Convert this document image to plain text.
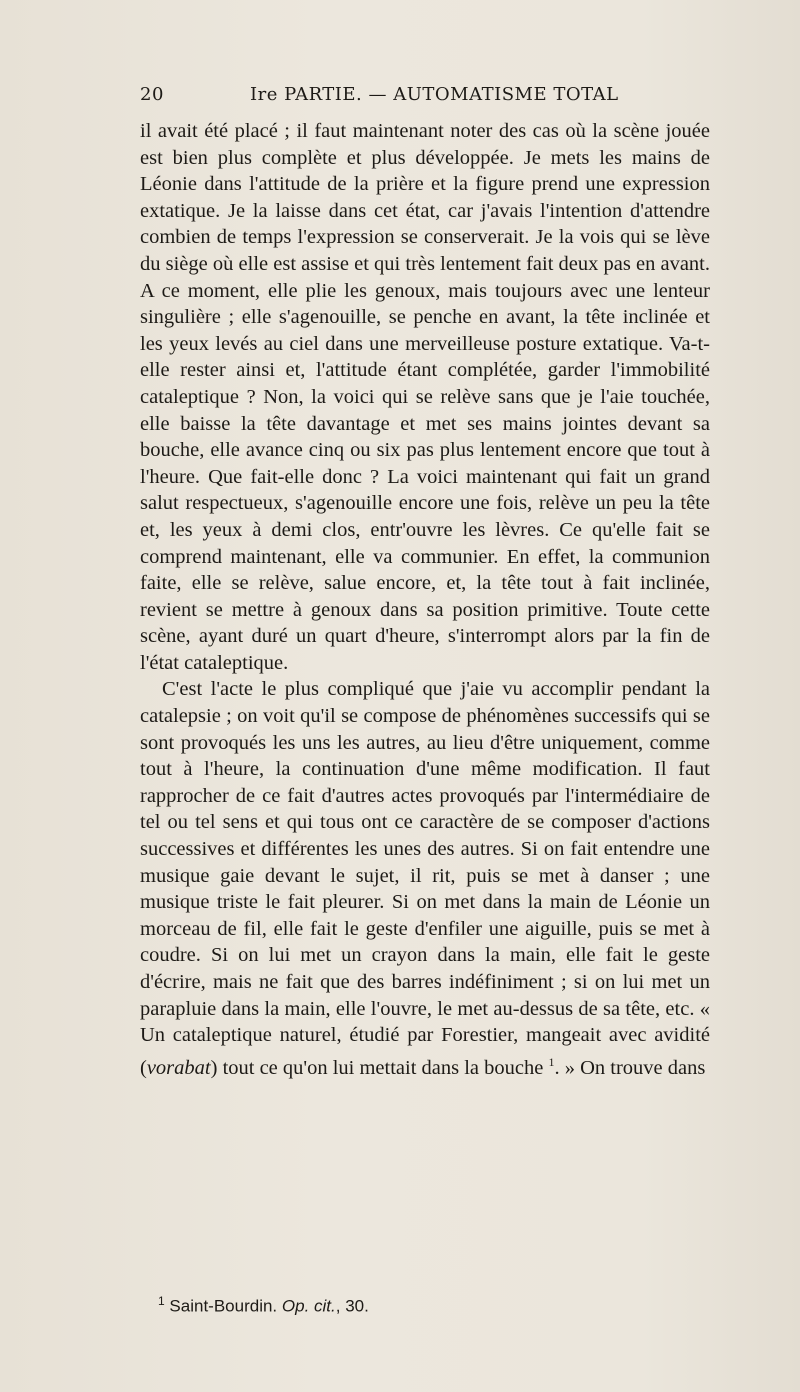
20	Ire PARTIE. — AUTOMATISME TOTAL

il avait été placé ; il faut maintenant noter des cas où la scène jouée est bien plus complète et plus développée. Je mets les mains de Léonie dans l'attitude de la prière et la figure prend une expression extatique. Je la laisse dans cet état, car j'avais l'intention d'attendre combien de temps l'expression se conserverait. Je la vois qui se lève du siège où elle est assise et qui très lentement fait deux pas en avant. A ce moment, elle plie les genoux, mais toujours avec une lenteur singulière ; elle s'agenouille, se penche en avant, la tête inclinée et les yeux levés au ciel dans une merveilleuse posture extatique. Va-t-elle rester ainsi et, l'attitude étant complétée, garder l'immobilité cataleptique ? Non, la voici qui se relève sans que je l'aie touchée, elle baisse la tête davantage et met ses mains jointes devant sa bouche, elle avance cinq ou six pas plus lentement encore que tout à l'heure. Que fait-elle donc ? La voici maintenant qui fait un grand salut respectueux, s'agenouille encore une fois, relève un peu la tête et, les yeux à demi clos, entr'ouvre les lèvres. Ce qu'elle fait se comprend maintenant, elle va communier. En effet, la communion faite, elle se relève, salue encore, et, la tête tout à fait inclinée, revient se mettre à genoux dans sa position primitive. Toute cette scène, ayant duré un quart d'heure, s'interrompt alors par la fin de l'état cataleptique.

C'est l'acte le plus compliqué que j'aie vu accomplir pendant la catalepsie ; on voit qu'il se compose de phénomènes successifs qui se sont provoqués les uns les autres, au lieu d'être uniquement, comme tout à l'heure, la continuation d'une même modification. Il faut rapprocher de ce fait d'autres actes provoqués par l'intermédiaire de tel ou tel sens et qui tous ont ce caractère de se composer d'actions successives et différentes les unes des autres. Si on fait entendre une musique gaie devant le sujet, il rit, puis se met à danser ; une musique triste le fait pleurer. Si on met dans la main de Léonie un morceau de fil, elle fait le geste d'enfiler une aiguille, puis se met à coudre. Si on lui met un crayon dans la main, elle fait le geste d'écrire, mais ne fait que des barres indéfiniment ; si on lui met un parapluie dans la main, elle l'ouvre, le met au-dessus de sa tête, etc. « Un cataleptique naturel, étudié par Forestier, mangeait avec avidité (vorabat) tout ce qu'on lui mettait dans la bouche $^1$. » On trouve dans

$^1$ Saint-Bourdin. Op. cit., 30.
